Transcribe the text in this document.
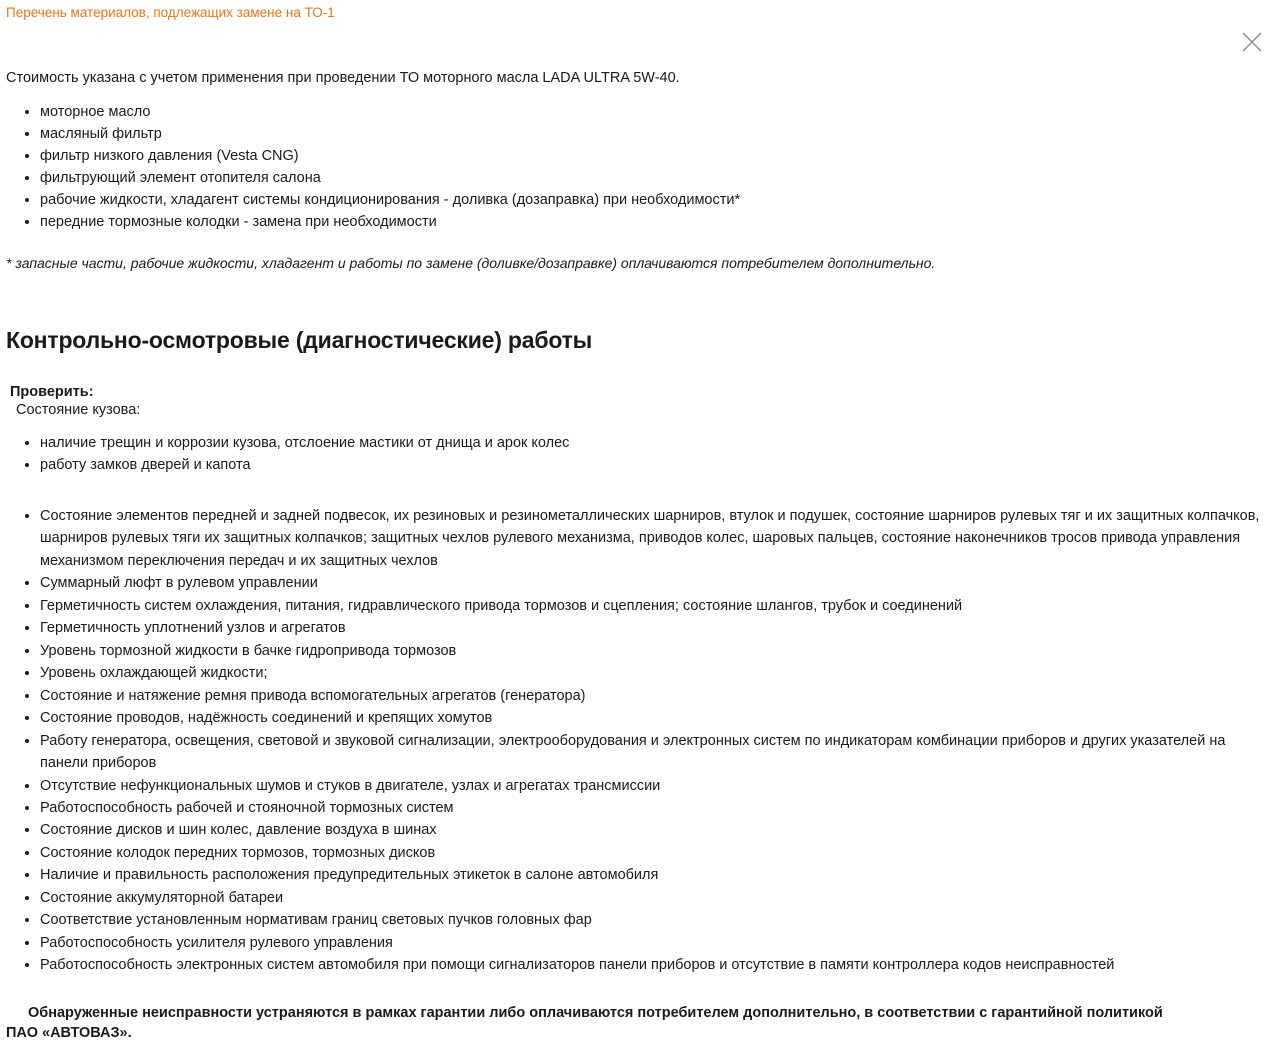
Перечень материалов, подлежащих замене на ТО-1

Стоимость указана с учетом применения при проведении ТО моторного масла LADA ULTRA 5W-40.

• моторное масло
• масляный фильтр
• фильтр низкого давления (Vesta CNG)
• фильтрующий элемент отопителя салона
• рабочие жидкости, хладагент системы кондиционирования - доливка (дозаправка) при необходимости*
• передние тормозные колодки - замена при необходимости

* запасные части, рабочие жидкости, хладагент и работы по замене (доливке/дозаправке) оплачиваются потребителем дополнительно.

Контрольно-осмотровые (диагностические) работы
Проверить:
Состояние кузова:
• наличие трещин и коррозии кузова, отслоение мастики от днища и арок колес
• работу замков дверей и капота
• Состояние элементов передней и задней подвесок, их резиновых и резинометаллических шарниров, втулок и подушек, состояние шарниров рулевых тяг и их защитных колпачков, шарниров рулевых тяги их защитных колпачков; защитных чехлов рулевого механизма, приводов колес, шаровых пальцев, состояние наконечников тросов привода управления механизмом переключения передач и их защитных чехлов
• Суммарный люфт в рулевом управлении
• Герметичность систем охлаждения, питания, гидравлического привода тормозов и сцепления; состояние шлангов, трубок и соединений
• Герметичность уплотнений узлов и агрегатов
• Уровень тормозной жидкости в бачке гидропривода тормозов
• Уровень охлаждающей жидкости;
• Состояние и натяжение ремня привода вспомогательных агрегатов (генератора)
• Состояние проводов, надёжность соединений и крепящих хомутов
• Работу генератора, освещения, световой и звуковой сигнализации, электрооборудования и электронных систем по индикаторам комбинации приборов и других указателей на панели приборов
• Отсутствие нефункциональных шумов и стуков в двигателе, узлах и агрегатах трансмиссии
• Работоспособность рабочей и стояночной тормозных систем
• Состояние дисков и шин колес, давление воздуха в шинах
• Состояние колодок передних тормозов, тормозных дисков
• Наличие и правильность расположения предупредительных этикеток в салоне автомобиля
• Состояние аккумуляторной батареи
• Соответствие установленным нормативам границ световых пучков головных фар
• Работоспособность усилителя рулевого управления
• Работоспособность электронных систем автомобиля при помощи сигнализаторов панели приборов и отсутствие в памяти контроллера кодов неисправностей

Обнаруженные неисправности устраняются в рамках гарантии либо оплачиваются потребителем дополнительно, в соответствии с гарантийной политикой
ПАО «АВТОВАЗ».
